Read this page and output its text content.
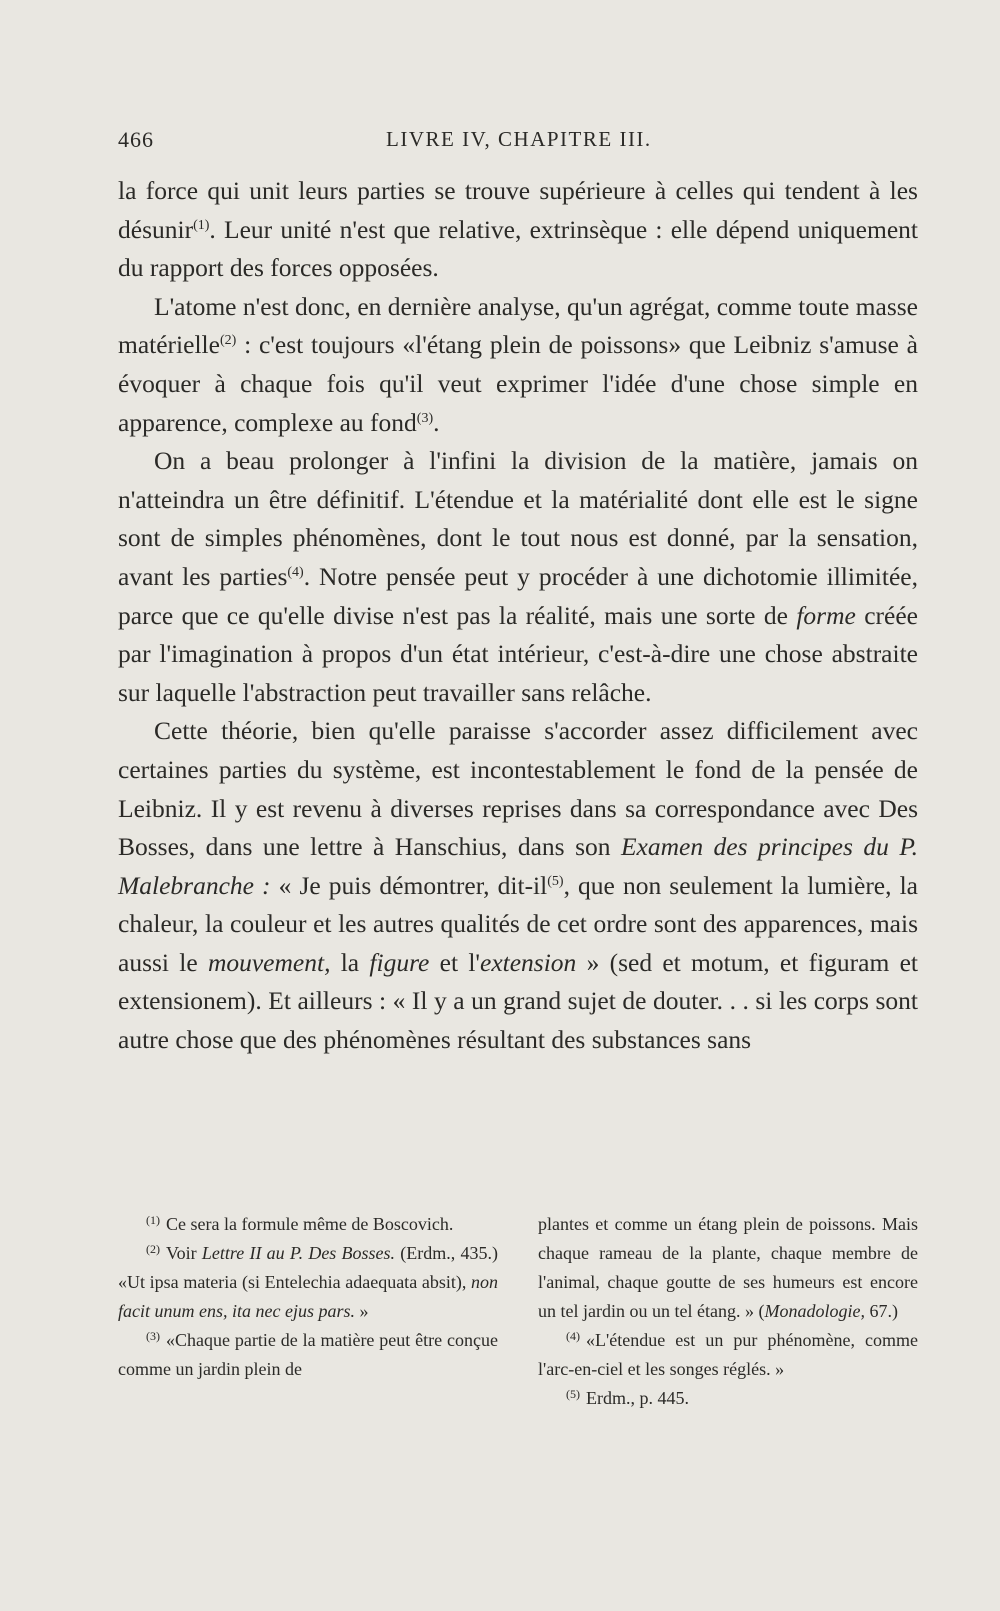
466	LIVRE IV, CHAPITRE III.

la force qui unit leurs parties se trouve supérieure à celles qui tendent à les désunir$^{(1)}$. Leur unité n'est que relative, extrinsèque : elle dépend uniquement du rapport des forces opposées.

L'atome n'est donc, en dernière analyse, qu'un agrégat, comme toute masse matérielle$^{(2)}$ : c'est toujours «l'étang plein de poissons» que Leibniz s'amuse à évoquer à chaque fois qu'il veut exprimer l'idée d'une chose simple en apparence, complexe au fond$^{(3)}$.

On a beau prolonger à l'infini la division de la matière, jamais on n'atteindra un être définitif. L'étendue et la matérialité dont elle est le signe sont de simples phénomènes, dont le tout nous est donné, par la sensation, avant les parties$^{(4)}$. Notre pensée peut y procéder à une dichotomie illimitée, parce que ce qu'elle divise n'est pas la réalité, mais une sorte de forme créée par l'imagination à propos d'un état intérieur, c'est-à-dire une chose abstraite sur laquelle l'abstraction peut travailler sans relâche.

Cette théorie, bien qu'elle paraisse s'accorder assez difficilement avec certaines parties du système, est incontestablement le fond de la pensée de Leibniz. Il y est revenu à diverses reprises dans sa correspondance avec Des Bosses, dans une lettre à Hanschius, dans son Examen des principes du P. Malebranche : « Je puis démontrer, dit-$il^{(5)}$, que non seulement la lumière, la chaleur, la couleur et les autres qualités de cet ordre sont des apparences, mais aussi le mouvement, la figure et l'extension » (sed et motum, et figuram et extensionem). Et ailleurs : « Il y a un grand sujet de douter. . . si les corps sont autre chose que des phénomènes résultant des substances sans

$^{(1)}$ Ce sera la formule même de Boscovich.

$^{(2)}$ Voir Lettre II au P. Des Bosses. (Erdm., 435.) «Ut ipsa materia (si Entelechia adaequata absit), non facit unum ens, ita nec ejus pars. »

$^{(3)}$ «Chaque partie de la matière peut être conçue comme un jardin plein de

plantes et comme un étang plein de poissons. Mais chaque rameau de la plante, chaque membre de l'animal, chaque goutte de ses humeurs est encore un tel jardin ou un tel étang. » (Monadologie, 67.)

$^{(4)}$ «L'étendue est un pur phénomène, comme l'arc-en-ciel et les songes réglés. »

$^{(5)}$ Erdm., p. 445.
